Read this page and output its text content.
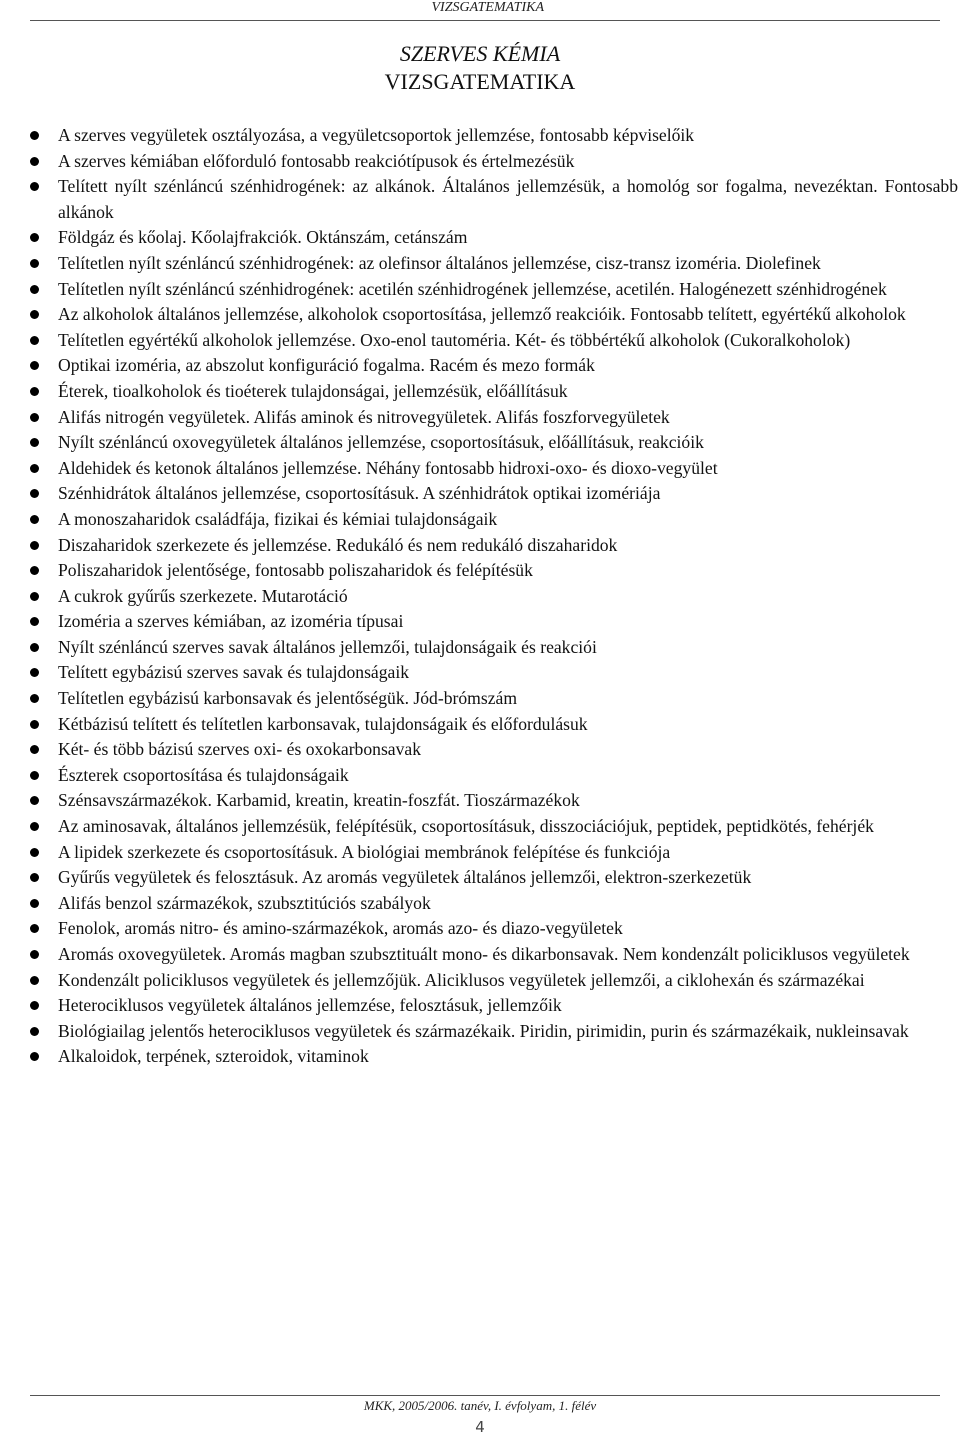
VIZSGATEMATIKA
SZERVES KÉMIA
VIZSGATEMATIKA
A szerves vegyületek osztályozása, a vegyületcsoportok jellemzése, fontosabb képviselőik
A szerves kémiában előforduló fontosabb reakciótípusok és értelmezésük
Telített nyílt szénláncú szénhidrogének: az alkánok. Általános jellemzésük, a homológ sor fogalma, nevezéktan. Fontosabb alkánok
Földgáz és kőolaj. Kőolajfrakciók. Oktánszám, cetánszám
Telítetlen nyílt szénláncú szénhidrogének: az olefinsor általános jellemzése, cisz-transz izoméria. Diolefinek
Telítetlen nyílt szénláncú szénhidrogének: acetilén szénhidrogének jellemzése, acetilén. Halogénezett szénhidrogének
Az alkoholok általános jellemzése, alkoholok csoportosítása, jellemző reakcióik. Fontosabb telített, egyértékű alkoholok
Telítetlen egyértékű alkoholok jellemzése. Oxo-enol tautoméria. Két- és többértékű alkoholok (Cukoralkoholok)
Optikai izoméria, az abszolut konfiguráció fogalma. Racém és mezo formák
Éterek, tioalkoholok és tioéterek tulajdonságai, jellemzésük, előállításuk
Alifás nitrogén vegyületek. Alifás aminok és nitrovegyületek. Alifás foszforvegyületek
Nyílt szénláncú oxovegyületek általános jellemzése, csoportosításuk, előállításuk, reakcióik
Aldehidek és ketonok általános jellemzése. Néhány fontosabb hidroxi-oxo- és dioxo-vegyület
Szénhidrátok általános jellemzése, csoportosításuk. A szénhidrátok optikai izomériája
A monoszaharidok családfája, fizikai és kémiai tulajdonságaik
Diszaharidok szerkezete és jellemzése. Redukáló és nem redukáló diszaharidok
Poliszaharidok jelentősége, fontosabb poliszaharidok és felépítésük
A cukrok gyűrűs szerkezete. Mutarotáció
Izoméria a szerves kémiában, az izoméria típusai
Nyílt szénláncú szerves savak általános jellemzői, tulajdonságaik és reakciói
Telített egybázisú szerves savak és tulajdonságaik
Telítetlen egybázisú karbonsavak és jelentőségük. Jód-brómszám
Kétbázisú telített és telítetlen karbonsavak, tulajdonságaik és előfordulásuk
Két- és több bázisú szerves oxi- és oxokarbonsavak
Észterek csoportosítása és tulajdonságaik
Szénsavszármazékok. Karbamid, kreatin, kreatin-foszfát. Tioszármazékok
Az aminosavak, általános jellemzésük, felépítésük, csoportosításuk, disszociációjuk, peptidek, peptidkötés, fehérjék
A lipidek szerkezete és csoportosításuk. A biológiai membránok felépítése és funkciója
Gyűrűs vegyületek és felosztásuk. Az aromás vegyületek általános jellemzői, elektron-szerkezetük
Alifás benzol származékok, szubsztitúciós szabályok
Fenolok, aromás nitro- és amino-származékok, aromás azo- és diazo-vegyületek
Aromás oxovegyületek. Aromás magban szubsztituált mono- és dikarbonsavak. Nem kondenzált policiklusos vegyületek
Kondenzált policiklusos vegyületek és jellemzőjük. Aliciklusos vegyületek jellemzői, a ciklohexán és származékai
Heterociklusos vegyületek általános jellemzése, felosztásuk, jellemzőik
Biológiailag jelentős heterociklusos vegyületek és származékaik. Piridin, pirimidin, purin és származékaik, nukleinsavak
Alkaloidok, terpének, szteroidok, vitaminok
MKK, 2005/2006. tanév, I. évfolyam, 1. félév
4
